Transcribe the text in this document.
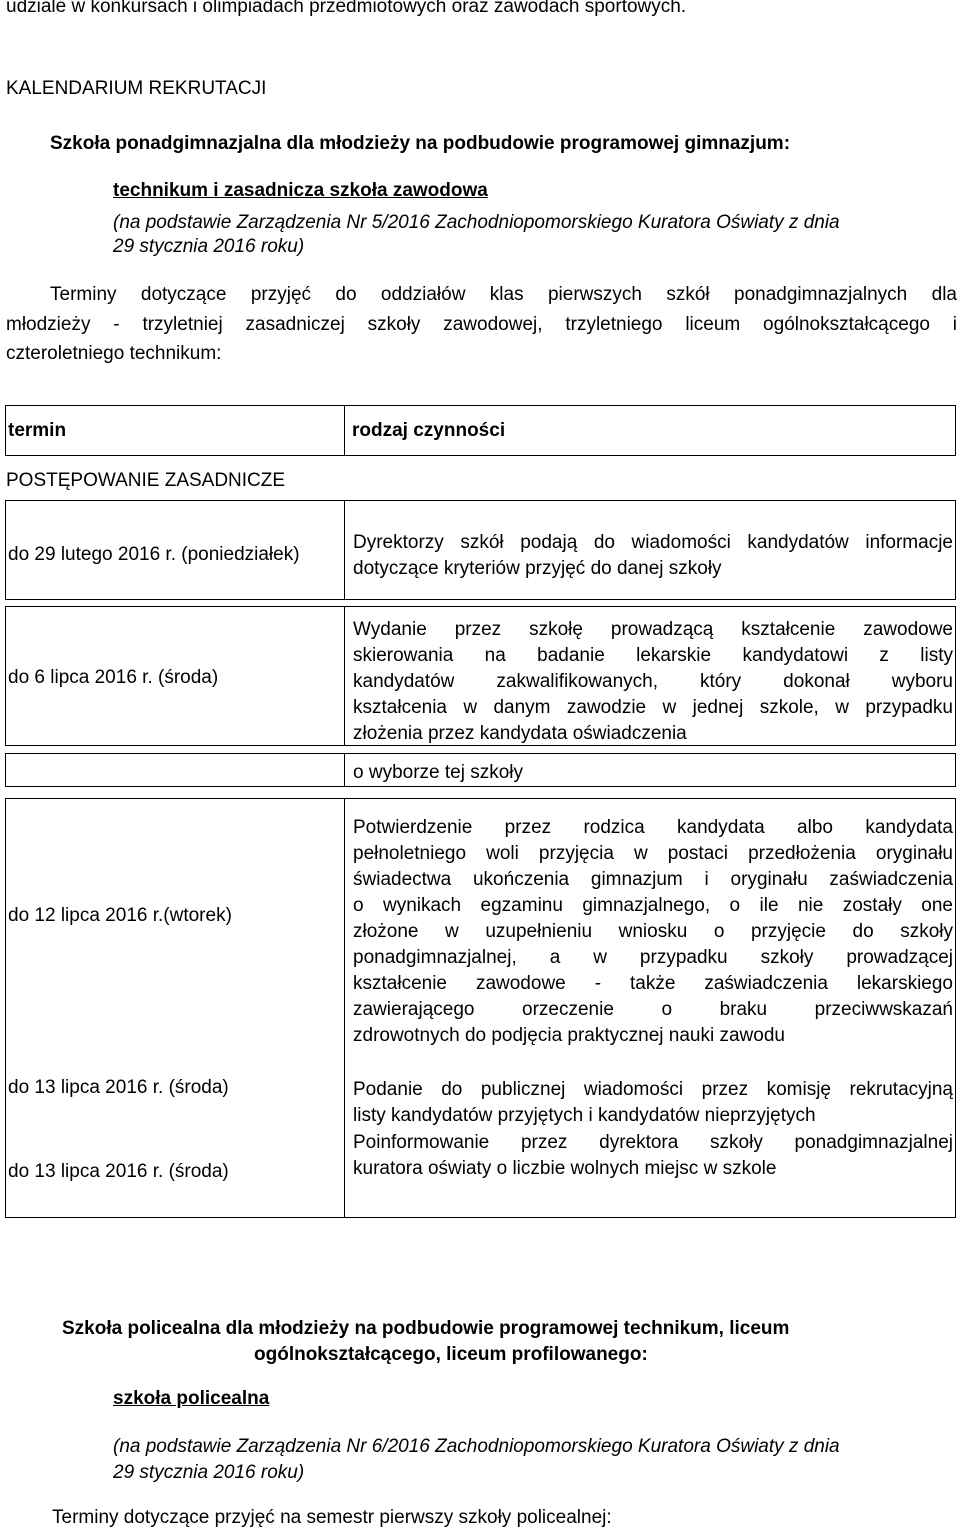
udziale w konkursach i olimpiadach przedmiotowych oraz zawodach sportowych.
KALENDARIUM REKRUTACJI
Szkoła ponadgimnazjalna dla młodzieży na podbudowie programowej gimnazjum:
technikum i zasadnicza szkoła zawodowa
(na podstawie Zarządzenia Nr 5/2016 Zachodniopomorskiego Kuratora Oświaty z dnia
29 stycznia 2016 roku)
Terminy dotyczące przyjęć do oddziałów klas pierwszych szkół ponadgimnazjalnych dla
młodzieży - trzyletniej zasadniczej szkoły zawodowej, trzyletniego liceum ogólnokształcącego i
czteroletniego technikum:
termin	rodzaj czynności
POSTĘPOWANIE ZASADNICZE
do 29 lutego 2016 r. (poniedziałek)
Dyrektorzy szkół podają do wiadomości kandydatów informacje
dotyczące kryteriów przyjęć do danej szkoły
do 6 lipca 2016 r. (środa)
Wydanie przez szkołę prowadzącą kształcenie zawodowe
skierowania na badanie lekarskie kandydatowi z listy
kandydatów zakwalifikowanych, który dokonał wyboru
kształcenia w danym zawodzie w jednej szkole, w przypadku
złożenia przez kandydata oświadczenia
o wyborze tej szkoły
do 12 lipca 2016 r.(wtorek)
Potwierdzenie przez rodzica kandydata albo kandydata
pełnoletniego woli przyjęcia w postaci przedłożenia oryginału
świadectwa ukończenia gimnazjum i oryginału zaświadczenia
o wynikach egzaminu gimnazjalnego, o ile nie zostały one
złożone w uzupełnieniu wniosku o przyjęcie do szkoły
ponadgimnazjalnej, a w przypadku szkoły prowadzącej
kształcenie zawodowe - także zaświadczenia lekarskiego
zawierającego orzeczenie o braku przeciwwskazań
zdrowotnych do podjęcia praktycznej nauki zawodu
do 13 lipca 2016 r. (środa)	Podanie do publicznej wiadomości przez komisję rekrutacyjną
listy kandydatów przyjętych i kandydatów nieprzyjętych
do 13 lipca 2016 r. (środa)
Poinformowanie przez dyrektora szkoły ponadgimnazjalnej
kuratora oświaty o liczbie wolnych miejsc w szkole
Szkoła policealna dla młodzieży na podbudowie programowej technikum, liceum
ogólnokształcącego, liceum profilowanego:
szkoła policealna
(na podstawie Zarządzenia Nr 6/2016 Zachodniopomorskiego Kuratora Oświaty z dnia
29 stycznia 2016 roku)
Terminy dotyczące przyjęć na semestr pierwszy szkoły policealnej:
